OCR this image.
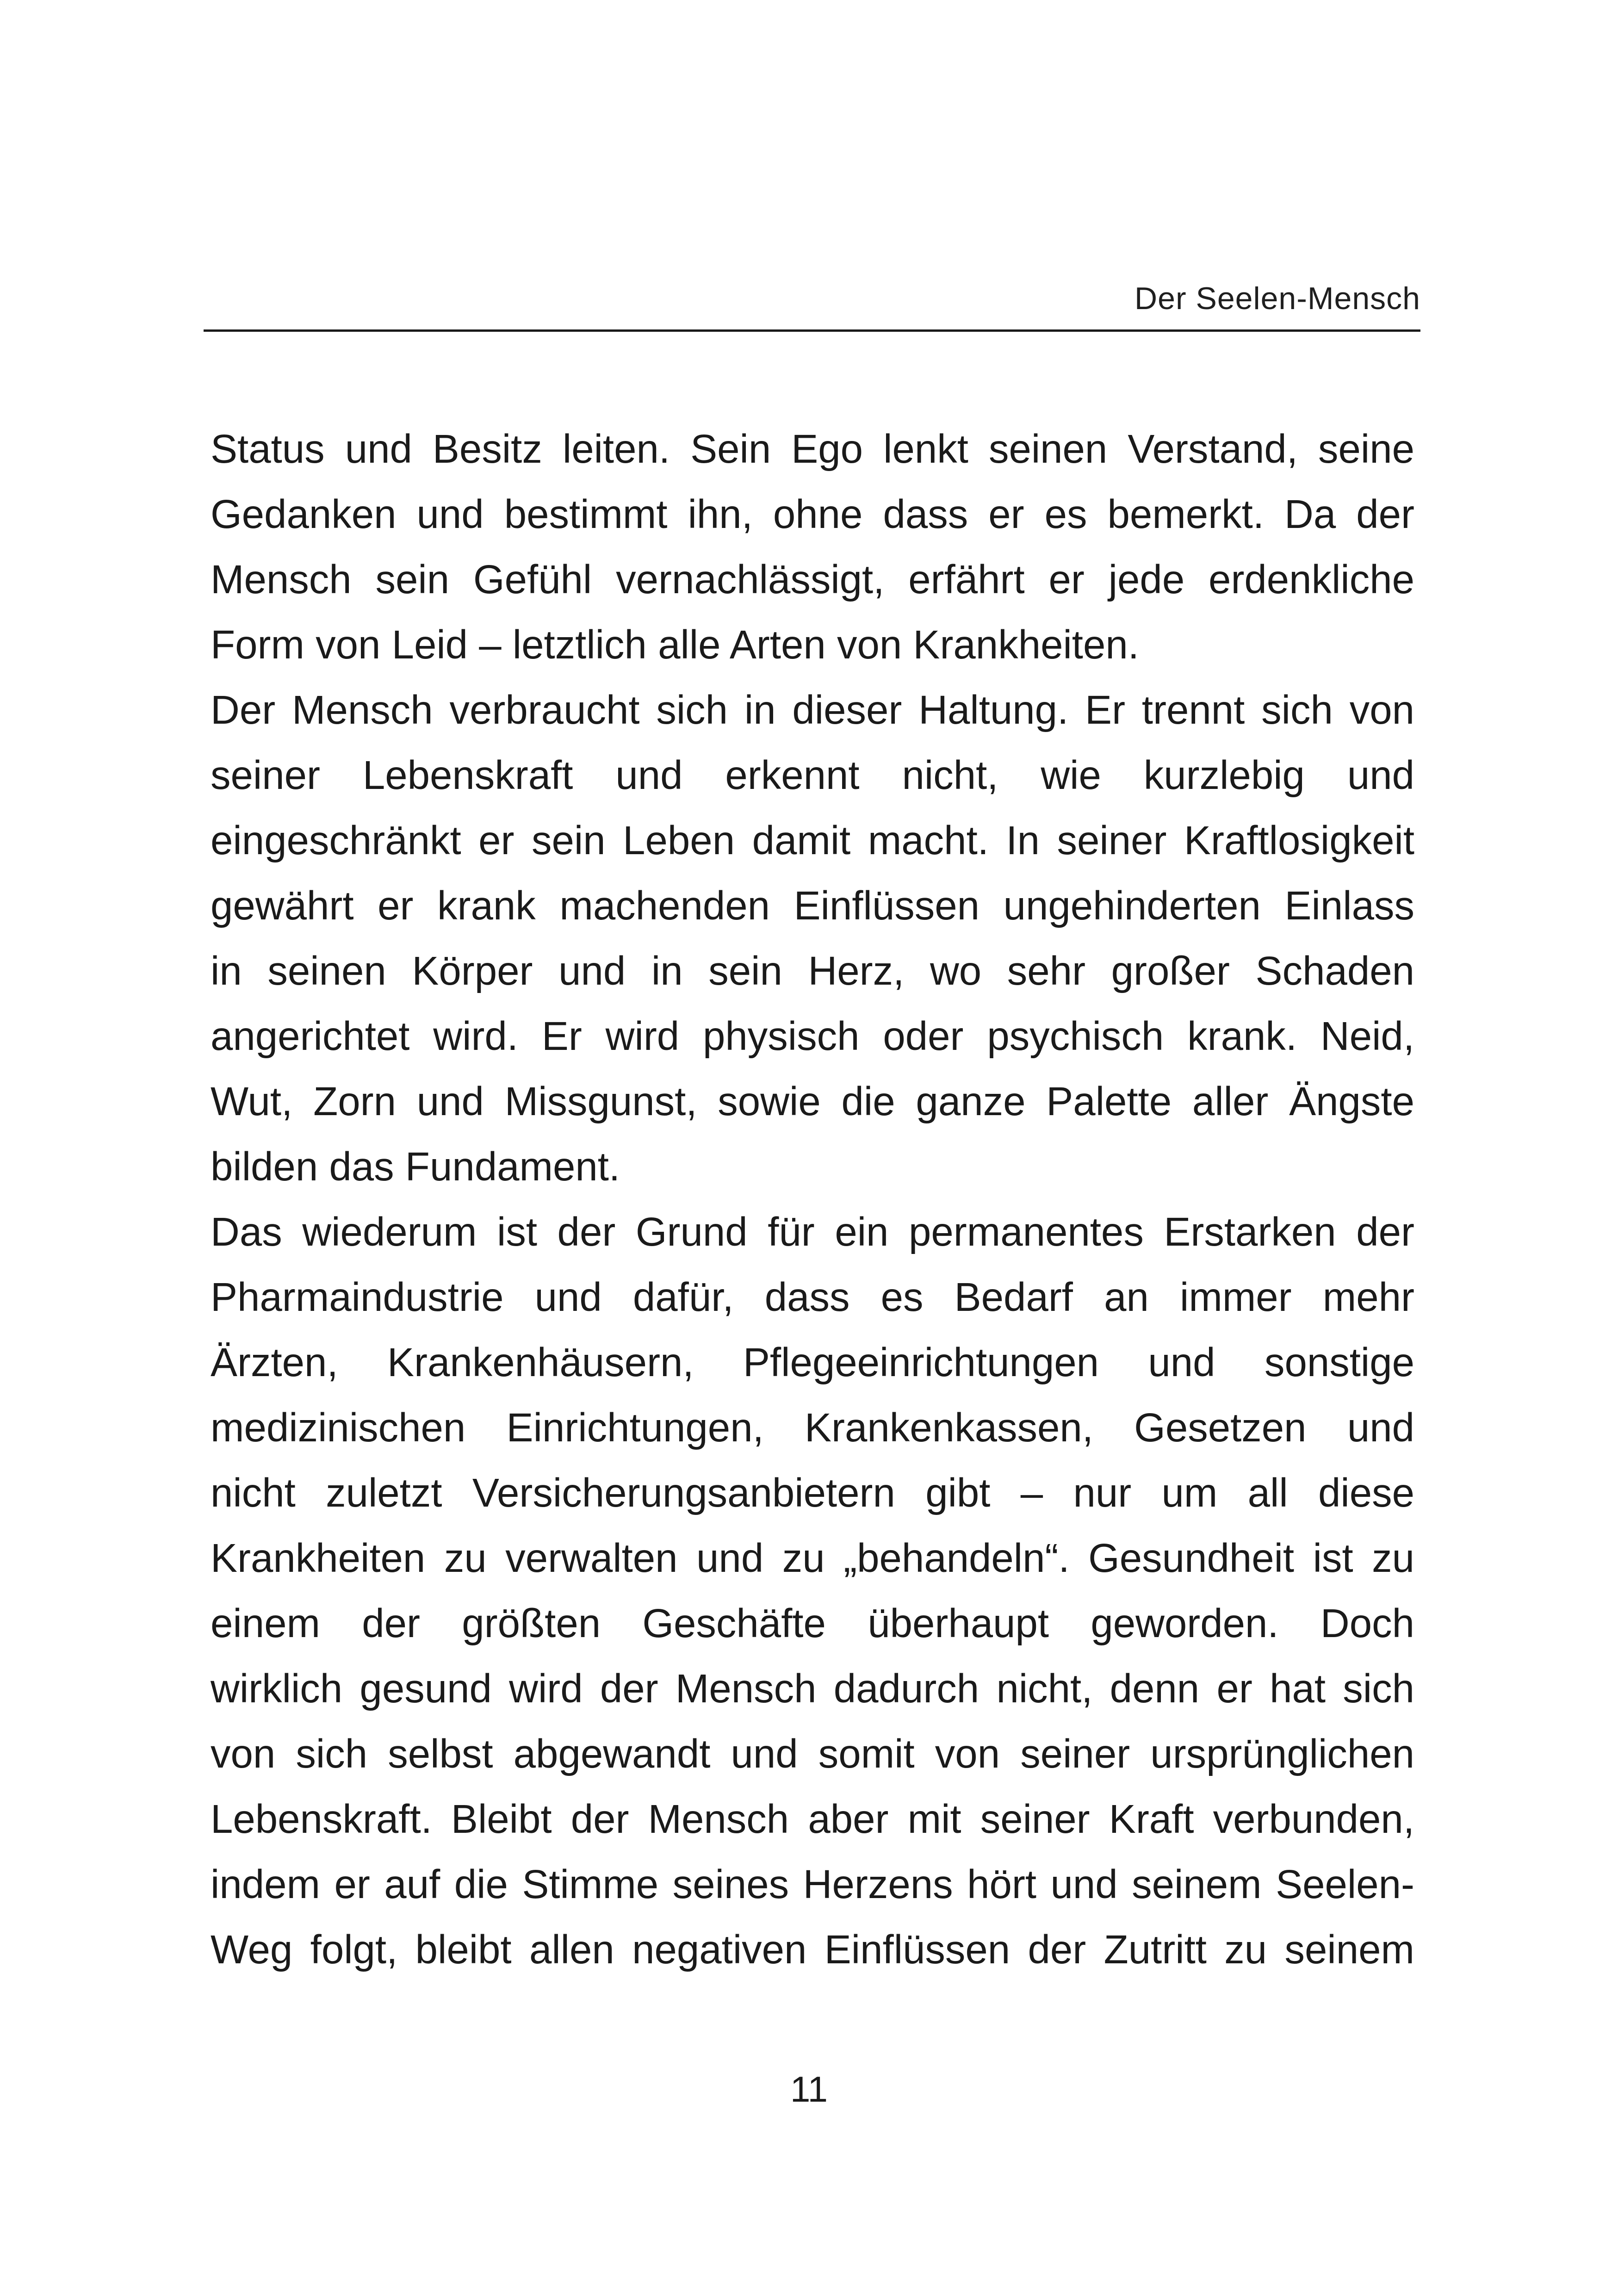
Der Seelen-Mensch
Status und Besitz leiten. Sein Ego lenkt seinen Verstand, seine
Gedanken und bestimmt ihn, ohne dass er es bemerkt. Da der
Mensch sein Gefühl vernachlässigt, erfährt er jede erdenkliche
Form von Leid – letztlich alle Arten von Krankheiten.
Der Mensch verbraucht sich in dieser Haltung. Er trennt sich von
seiner Lebenskraft und erkennt nicht, wie kurzlebig und
eingeschränkt er sein Leben damit macht. In seiner Kraftlosigkeit
gewährt er krank machenden Einflüssen ungehinderten Einlass
in seinen Körper und in sein Herz, wo sehr großer Schaden
angerichtet wird. Er wird physisch oder psychisch krank. Neid,
Wut, Zorn und Missgunst, sowie die ganze Palette aller Ängste
bilden das Fundament.
Das wiederum ist der Grund für ein permanentes Erstarken der
Pharmaindustrie und dafür, dass es Bedarf an immer mehr
Ärzten, Krankenhäusern, Pflegeeinrichtungen und sonstige
medizinischen Einrichtungen, Krankenkassen, Gesetzen und
nicht zuletzt Versicherungsanbietern gibt – nur um all diese
Krankheiten zu verwalten und zu „behandeln“. Gesundheit ist zu
einem der größten Geschäfte überhaupt geworden. Doch
wirklich gesund wird der Mensch dadurch nicht, denn er hat sich
von sich selbst abgewandt und somit von seiner ursprünglichen
Lebenskraft. Bleibt der Mensch aber mit seiner Kraft verbunden,
indem er auf die Stimme seines Herzens hört und seinem Seelen-
Weg folgt, bleibt allen negativen Einflüssen der Zutritt zu seinem
11
